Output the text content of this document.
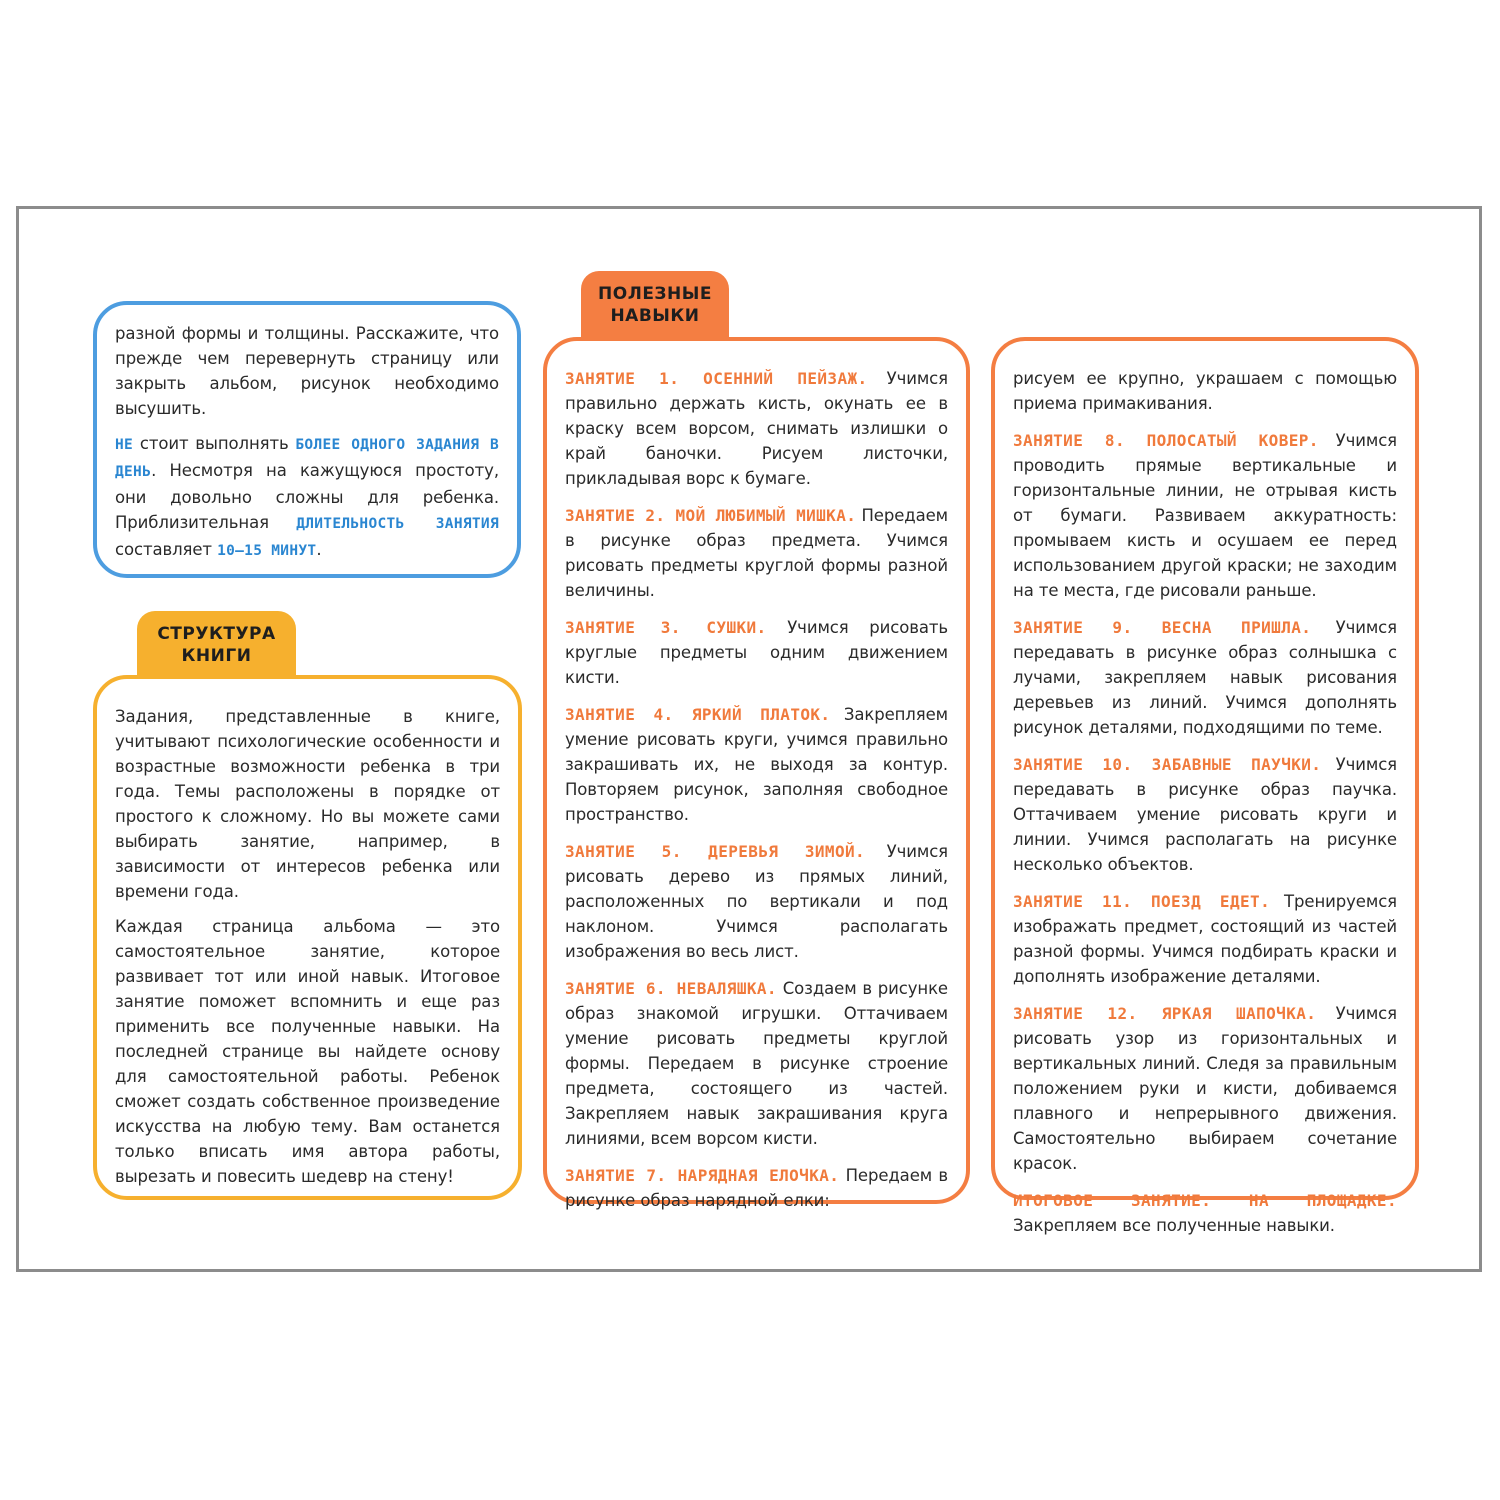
разной формы и толщины. Расскажите, что прежде чем перевернуть страницу или закрыть альбом, рисунок необходимо высушить.

НЕ стоит выполнять БОЛЕЕ ОДНОГО ЗАДАНИЯ В ДЕНЬ. Несмотря на кажущуюся простоту, они довольно сложны для ребенка. Приблизительная ДЛИТЕЛЬНОСТЬ ЗАНЯТИЯ составляет 10–15 МИНУТ.

СТРУКТУРА
КНИГИ

Задания, представленные в книге, учитывают психологические особенности и возрастные возможности ребенка в три года. Темы расположены в порядке от простого к сложному. Но вы можете сами выбирать занятие, например, в зависимости от интересов ребенка или времени года.

Каждая страница альбома — это самостоятельное занятие, которое развивает тот или иной навык. Итоговое занятие поможет вспомнить и еще раз применить все полученные навыки. На последней странице вы найдете основу для самостоятельной работы. Ребенок сможет создать собственное произведение искусства на любую тему. Вам останется только вписать имя автора работы, вырезать и повесить шедевр на стену!

ПОЛЕЗНЫЕ
НАВЫКИ

ЗАНЯТИЕ 1. ОСЕННИЙ ПЕЙЗАЖ. Учимся правильно держать кисть, окунать ее в краску всем ворсом, снимать излишки о край баночки. Рисуем листочки, прикладывая ворс к бумаге.

ЗАНЯТИЕ 2. МОЙ ЛЮБИМЫЙ МИШКА. Передаем в рисунке образ предмета. Учимся рисовать предметы круглой формы разной величины.

ЗАНЯТИЕ 3. СУШКИ. Учимся рисовать круглые предметы одним движением кисти.

ЗАНЯТИЕ 4. ЯРКИЙ ПЛАТОК. Закрепляем умение рисовать круги, учимся правильно закрашивать их, не выходя за контур. Повторяем рисунок, заполняя свободное пространство.

ЗАНЯТИЕ 5. ДЕРЕВЬЯ ЗИМОЙ. Учимся рисовать дерево из прямых линий, расположенных по вертикали и под наклоном. Учимся располагать изображения во весь лист.

ЗАНЯТИЕ 6. НЕВАЛЯШКА. Создаем в рисунке образ знакомой игрушки. Оттачиваем умение рисовать предметы круглой формы. Передаем в рисунке строение предмета, состоящего из частей. Закрепляем навык закрашивания круга линиями, всем ворсом кисти.

ЗАНЯТИЕ 7. НАРЯДНАЯ ЕЛОЧКА. Передаем в рисунке образ нарядной елки:

рисуем ее крупно, украшаем с помощью приема примакивания.

ЗАНЯТИЕ 8. ПОЛОСАТЫЙ КОВЕР. Учимся проводить прямые вертикальные и горизонтальные линии, не отрывая кисть от бумаги. Развиваем аккуратность: промываем кисть и осушаем ее перед использованием другой краски; не заходим на те места, где рисовали раньше.

ЗАНЯТИЕ 9. ВЕСНА ПРИШЛА. Учимся передавать в рисунке образ солнышка с лучами, закрепляем навык рисования деревьев из линий. Учимся дополнять рисунок деталями, подходящими по теме.

ЗАНЯТИЕ 10. ЗАБАВНЫЕ ПАУЧКИ. Учимся передавать в рисунке образ паучка. Оттачиваем умение рисовать круги и линии. Учимся располагать на рисунке несколько объектов.

ЗАНЯТИЕ 11. ПОЕЗД ЕДЕТ. Тренируемся изображать предмет, состоящий из частей разной формы. Учимся подбирать краски и дополнять изображение деталями.

ЗАНЯТИЕ 12. ЯРКАЯ ШАПОЧКА. Учимся рисовать узор из горизонтальных и вертикальных линий. Следя за правильным положением руки и кисти, добиваемся плавного и непрерывного движения. Самостоятельно выбираем сочетание красок.

ИТОГОВОЕ ЗАНЯТИЕ. НА ПЛОЩАДКЕ. Закрепляем все полученные навыки.
